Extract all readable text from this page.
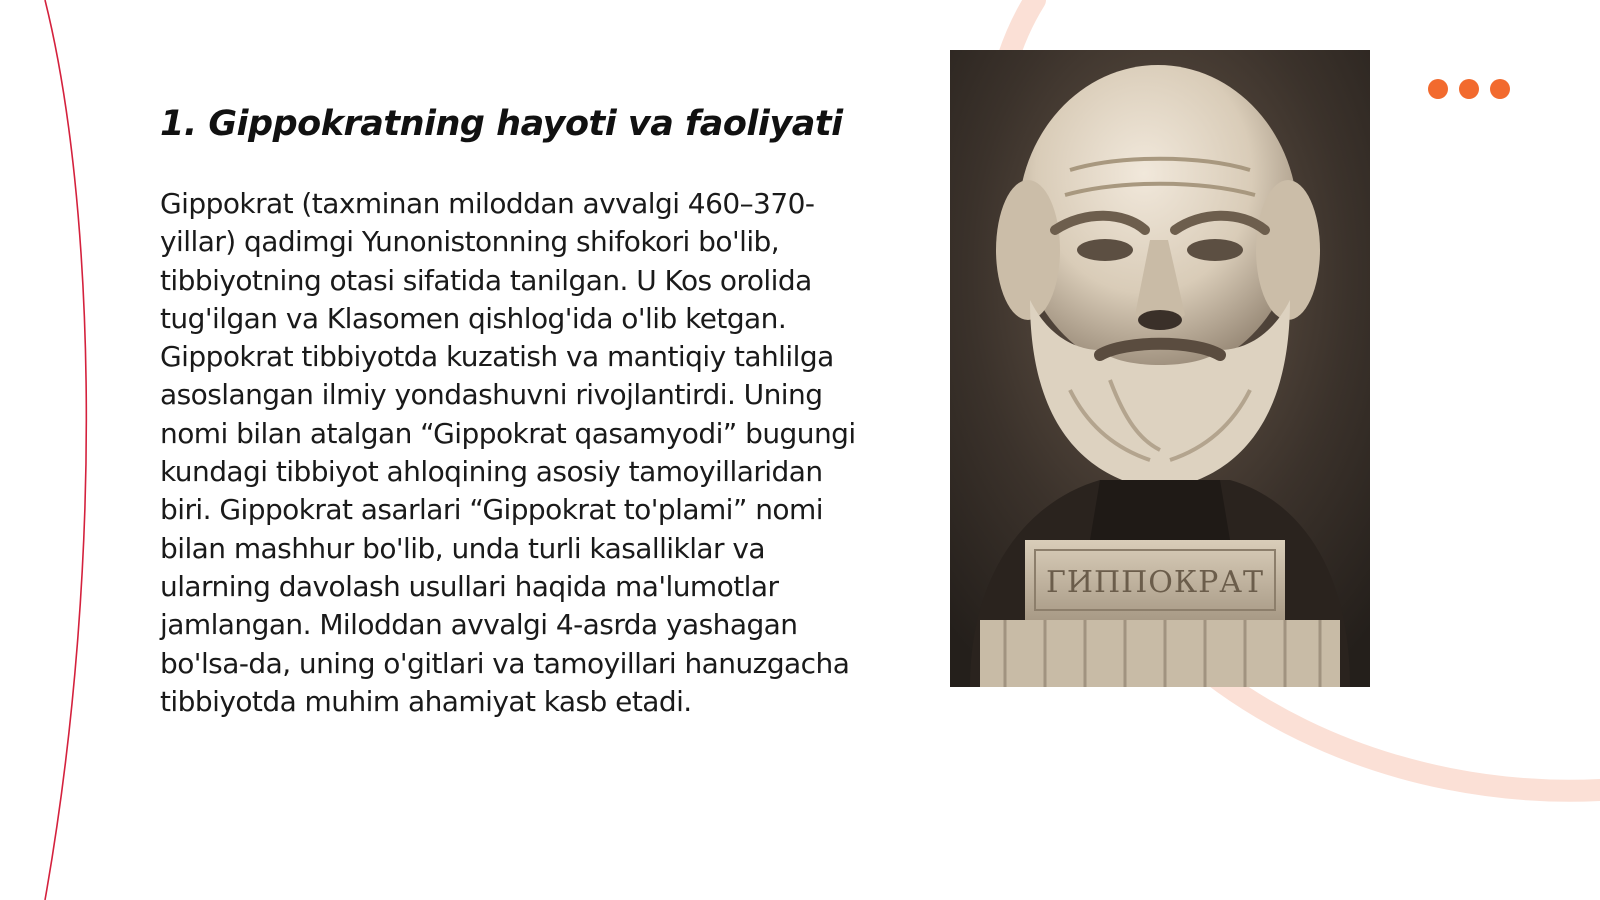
1. Gippokratning hayoti va faoliyati

Gippokrat (taxminan miloddan avvalgi 460–370-yillar) qadimgi Yunonistonning shifokori bo'lib, tibbiyotning otasi sifatida tanilgan. U Kos orolida tug'ilgan va Klasomen qishlog'ida o'lib ketgan. Gippokrat tibbiyotda kuzatish va mantiqiy tahlilga asoslangan ilmiy yondashuvni rivojlantirdi. Uning nomi bilan atalgan “Gippokrat qasamyodi” bugungi kundagi tibbiyot ahloqining asosiy tamoyillaridan biri. Gippokrat asarlari “Gippokrat to'plami” nomi bilan mashhur bo'lib, unda turli kasalliklar va ularning davolash usullari haqida ma'lumotlar jamlangan. Miloddan avvalgi 4-asrda yashagan bo'lsa-da, uning o'gitlari va tamoyillari hanuzgacha tibbiyotda muhim ahamiyat kasb etadi.

ГИППОКРАТ
